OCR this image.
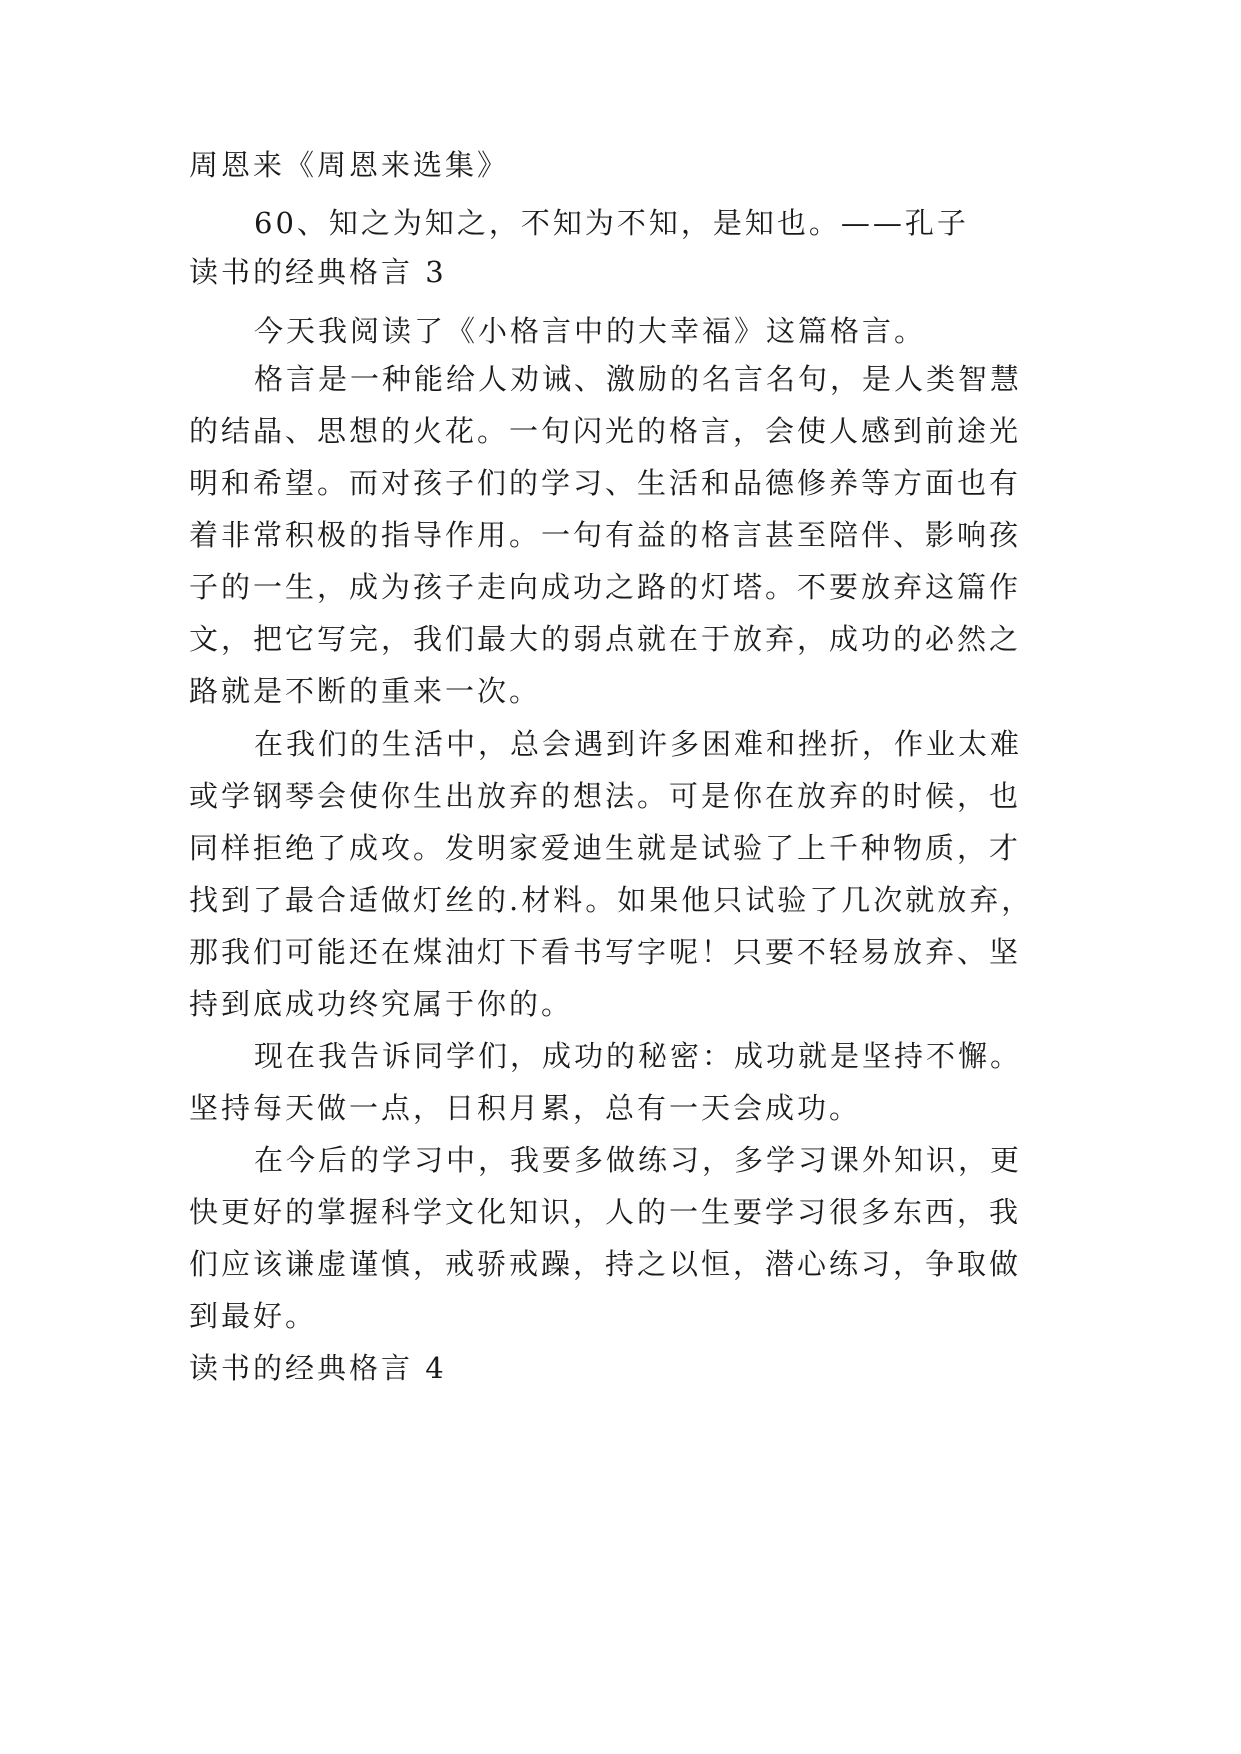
周恩来《周恩来选集》

60、知之为知之，不知为不知，是知也。——孔子

读书的经典格言 3

今天我阅读了《小格言中的大幸福》这篇格言。

格言是一种能给人劝诫、激励的名言名句，是人类智慧

的结晶、思想的火花。一句闪光的格言，会使人感到前途光

明和希望。而对孩子们的学习、生活和品德修养等方面也有

着非常积极的指导作用。一句有益的格言甚至陪伴、影响孩

子的一生，成为孩子走向成功之路的灯塔。不要放弃这篇作

文，把它写完，我们最大的弱点就在于放弃，成功的必然之

路就是不断的重来一次。

在我们的生活中，总会遇到许多困难和挫折，作业太难

或学钢琴会使你生出放弃的想法。可是你在放弃的时候，也

同样拒绝了成攻。发明家爱迪生就是试验了上千种物质，才

找到了最合适做灯丝的.材料。如果他只试验了几次就放弃，

那我们可能还在煤油灯下看书写字呢！只要不轻易放弃、坚

持到底成功终究属于你的。

现在我告诉同学们，成功的秘密：成功就是坚持不懈。

坚持每天做一点，日积月累，总有一天会成功。

在今后的学习中，我要多做练习，多学习课外知识，更

快更好的掌握科学文化知识，人的一生要学习很多东西，我

们应该谦虚谨慎，戒骄戒躁，持之以恒，潜心练习，争取做

到最好。

读书的经典格言 4
